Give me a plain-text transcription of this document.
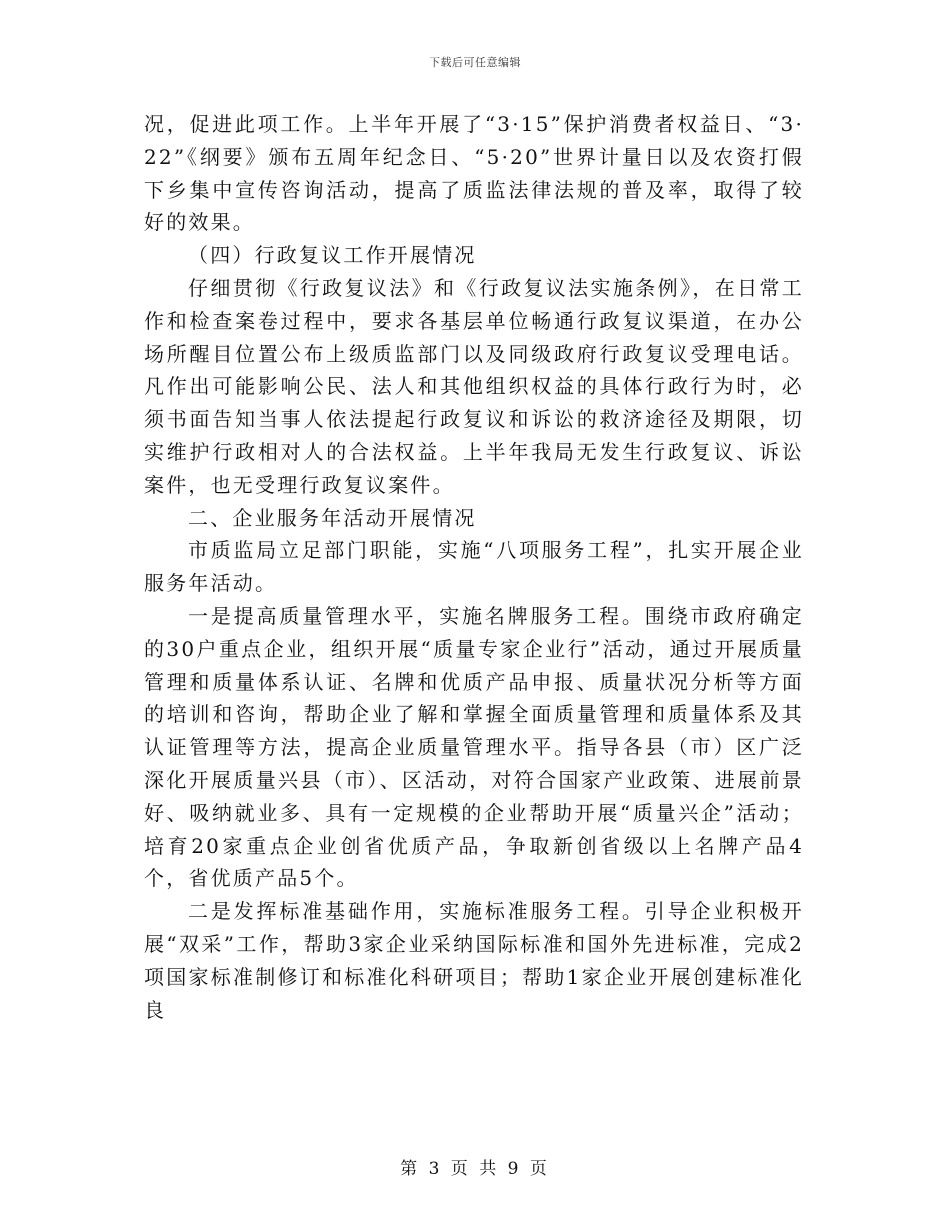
下载后可任意编辑

况，促进此项工作。上半年开展了“3·15”保护消费者权益日、“3·22”《纲要》颁布五周年纪念日、“5·20”世界计量日以及农资打假下乡集中宣传咨询活动，提高了质监法律法规的普及率，取得了较好的效果。

（四）行政复议工作开展情况

仔细贯彻《行政复议法》和《行政复议法实施条例》，在日常工作和检查案卷过程中，要求各基层单位畅通行政复议渠道，在办公场所醒目位置公布上级质监部门以及同级政府行政复议受理电话。凡作出可能影响公民、法人和其他组织权益的具体行政行为时，必须书面告知当事人依法提起行政复议和诉讼的救济途径及期限，切实维护行政相对人的合法权益。上半年我局无发生行政复议、诉讼案件，也无受理行政复议案件。

二、企业服务年活动开展情况

市质监局立足部门职能，实施“八项服务工程”，扎实开展企业服务年活动。

一是提高质量管理水平，实施名牌服务工程。围绕市政府确定的30户重点企业，组织开展“质量专家企业行”活动，通过开展质量管理和质量体系认证、名牌和优质产品申报、质量状况分析等方面的培训和咨询，帮助企业了解和掌握全面质量管理和质量体系及其认证管理等方法，提高企业质量管理水平。指导各县（市）区广泛深化开展质量兴县（市）、区活动，对符合国家产业政策、进展前景好、吸纳就业多、具有一定规模的企业帮助开展“质量兴企”活动；培育20家重点企业创省优质产品，争取新创省级以上名牌产品4个，省优质产品5个。

二是发挥标准基础作用，实施标准服务工程。引导企业积极开展“双采”工作，帮助3家企业采纳国际标准和国外先进标准，完成2项国家标准制修订和标准化科研项目；帮助1家企业开展创建标准化良

第 3 页 共 9 页
